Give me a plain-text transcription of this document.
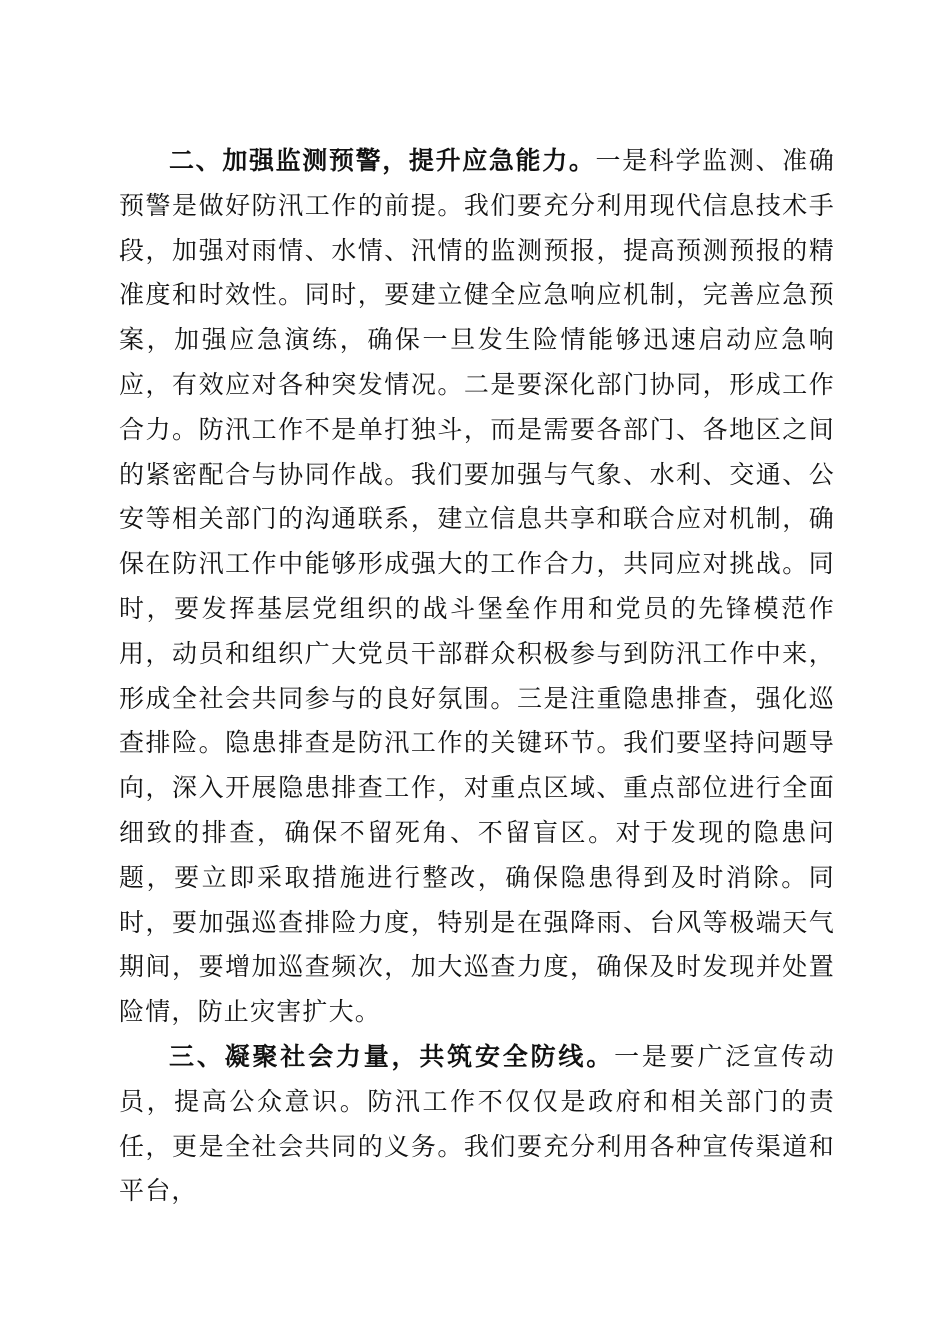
二、加强监测预警，提升应急能力。一是科学监测、准确预警是做好防汛工作的前提。我们要充分利用现代信息技术手段，加强对雨情、水情、汛情的监测预报，提高预测预报的精准度和时效性。同时，要建立健全应急响应机制，完善应急预案，加强应急演练，确保一旦发生险情能够迅速启动应急响应，有效应对各种突发情况。二是要深化部门协同，形成工作合力。防汛工作不是单打独斗，而是需要各部门、各地区之间的紧密配合与协同作战。我们要加强与气象、水利、交通、公安等相关部门的沟通联系，建立信息共享和联合应对机制，确保在防汛工作中能够形成强大的工作合力，共同应对挑战。同时，要发挥基层党组织的战斗堡垒作用和党员的先锋模范作用，动员和组织广大党员干部群众积极参与到防汛工作中来，形成全社会共同参与的良好氛围。三是注重隐患排查，强化巡查排险。隐患排查是防汛工作的关键环节。我们要坚持问题导向，深入开展隐患排查工作，对重点区域、重点部位进行全面细致的排查，确保不留死角、不留盲区。对于发现的隐患问题，要立即采取措施进行整改，确保隐患得到及时消除。同时，要加强巡查排险力度，特别是在强降雨、台风等极端天气期间，要增加巡查频次，加大巡查力度，确保及时发现并处置险情，防止灾害扩大。

三、凝聚社会力量，共筑安全防线。一是要广泛宣传动员，提高公众意识。防汛工作不仅仅是政府和相关部门的责任，更是全社会共同的义务。我们要充分利用各种宣传渠道和平台，
